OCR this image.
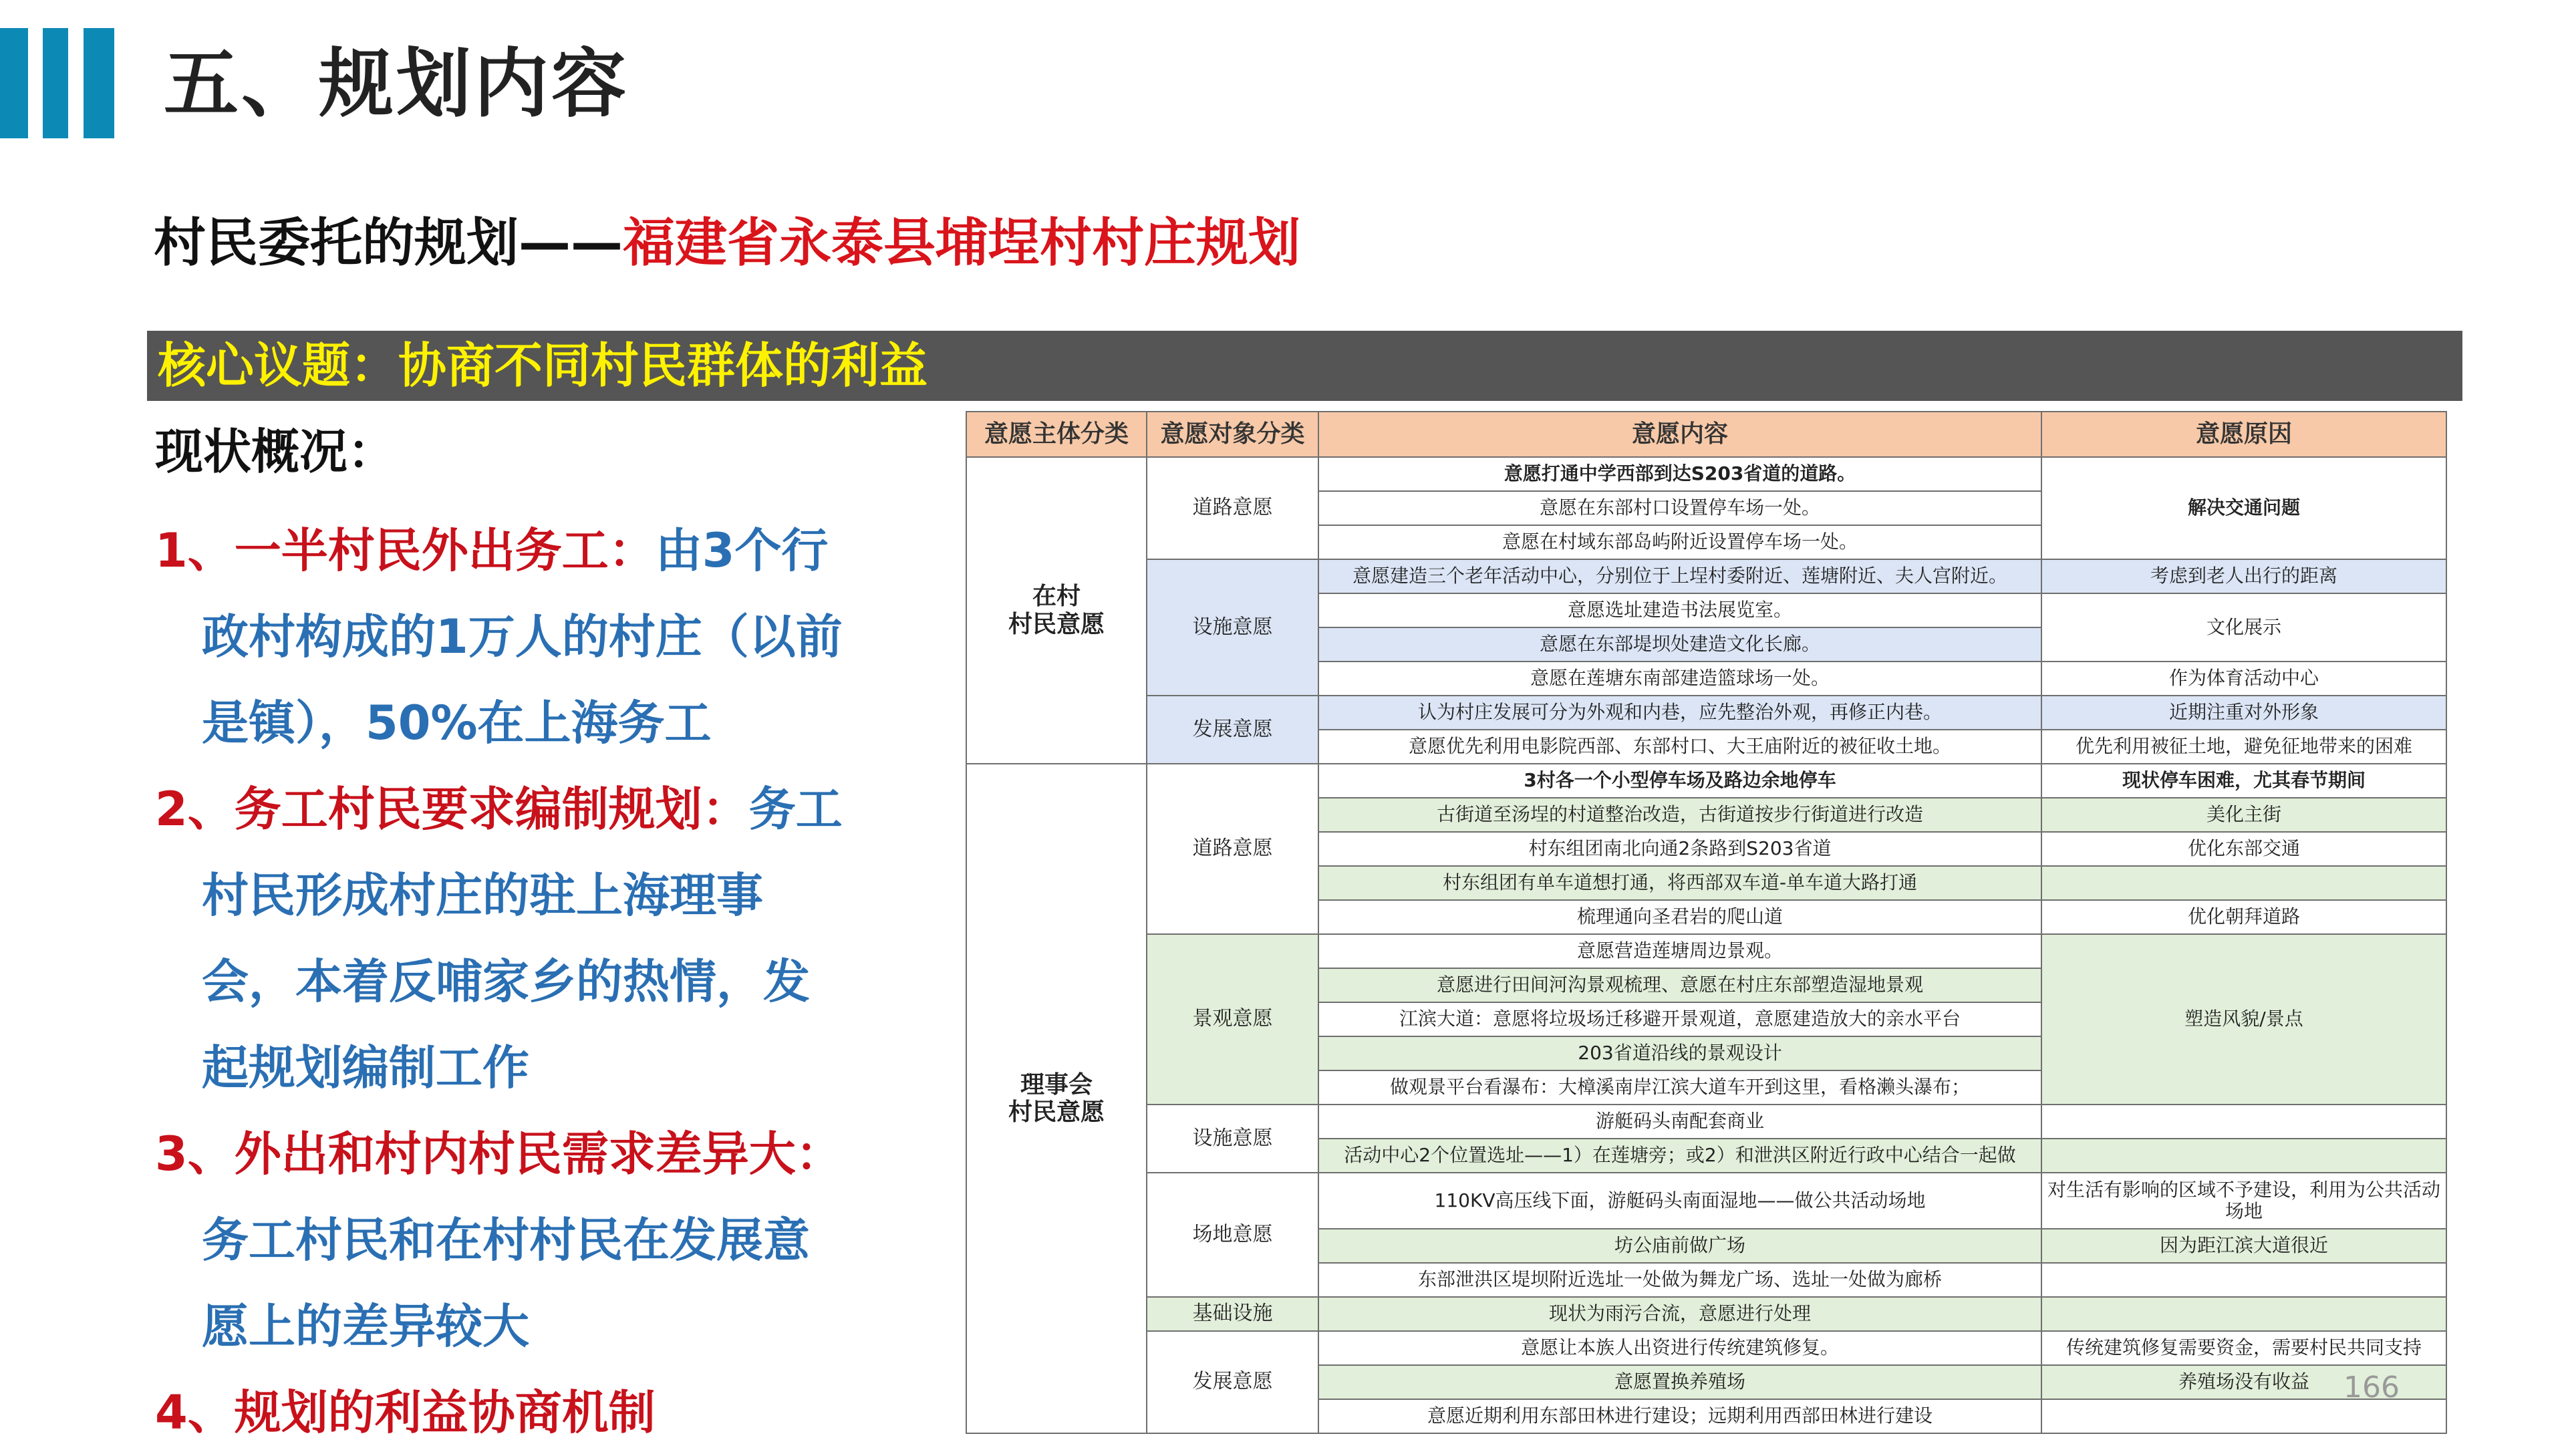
五、规划内容
村民委托的规划——福建省永泰县埔埕村村庄规划
核心议题：协商不同村民群体的利益
现状概况：
1、一半村民外出务工：由3个行
政村构成的1万人的村庄（以前
是镇），50%在上海务工
2、务工村民要求编制规划：务工
村民形成村庄的驻上海理事
会，本着反哺家乡的热情，发
起规划编制工作
3、外出和村内村民需求差异大：
务工村民和在村村民在发展意
愿上的差异较大
4、规划的利益协商机制
意愿主体分类	意愿对象分类	意愿内容	意愿原因
在村
村民意愿	道路意愿	意愿打通中学西部到达S203省道的道路。	解决交通问题
		意愿在东部村口设置停车场一处。	
		意愿在村域东部岛屿附近设置停车场一处。	
	设施意愿	意愿建造三个老年活动中心，分别位于上埕村委附近、莲塘附近、夫人宫附近。	考虑到老人出行的距离
		意愿选址建造书法展览室。	文化展示
		意愿在东部堤坝处建造文化长廊。	
		意愿在莲塘东南部建造篮球场一处。	作为体育活动中心
	发展意愿	认为村庄发展可分为外观和内巷，应先整治外观，再修正内巷。	近期注重对外形象
		意愿优先利用电影院西部、东部村口、大王庙附近的被征收土地。	优先利用被征土地，避免征地带来的困难
理事会
村民意愿	道路意愿	3村各一个小型停车场及路边余地停车	现状停车困难，尤其春节期间
		古街道至汤埕的村道整治改造，古街道按步行街道进行改造	美化主街
		村东组团南北向通2条路到S203省道	优化东部交通
		村东组团有单车道想打通，将西部双车道-单车道大路打通	
		梳理通向圣君岩的爬山道	优化朝拜道路
	景观意愿	意愿营造莲塘周边景观。	塑造风貌/景点
		意愿进行田间河沟景观梳理、意愿在村庄东部塑造湿地景观	
		江滨大道：意愿将垃圾场迁移避开景观道，意愿建造放大的亲水平台	
		203省道沿线的景观设计	
		做观景平台看瀑布：大樟溪南岸江滨大道车开到这里，看格濑头瀑布；	
	设施意愿	游艇码头南配套商业	
		活动中心2个位置选址——1）在莲塘旁；或2）和泄洪区附近行政中心结合一起做	
	场地意愿	110KV高压线下面，游艇码头南面湿地——做公共活动场地	对生活有影响的区域不予建设，利用为公共活动场地
		坊公庙前做广场	因为距江滨大道很近
		东部泄洪区堤坝附近选址一处做为舞龙广场、选址一处做为廊桥	
	基础设施	现状为雨污合流，意愿进行处理	
	发展意愿	意愿让本族人出资进行传统建筑修复。	传统建筑修复需要资金，需要村民共同支持
		意愿置换养殖场	养殖场没有收益
		意愿近期利用东部田林进行建设；远期利用西部田林进行建设	
166
